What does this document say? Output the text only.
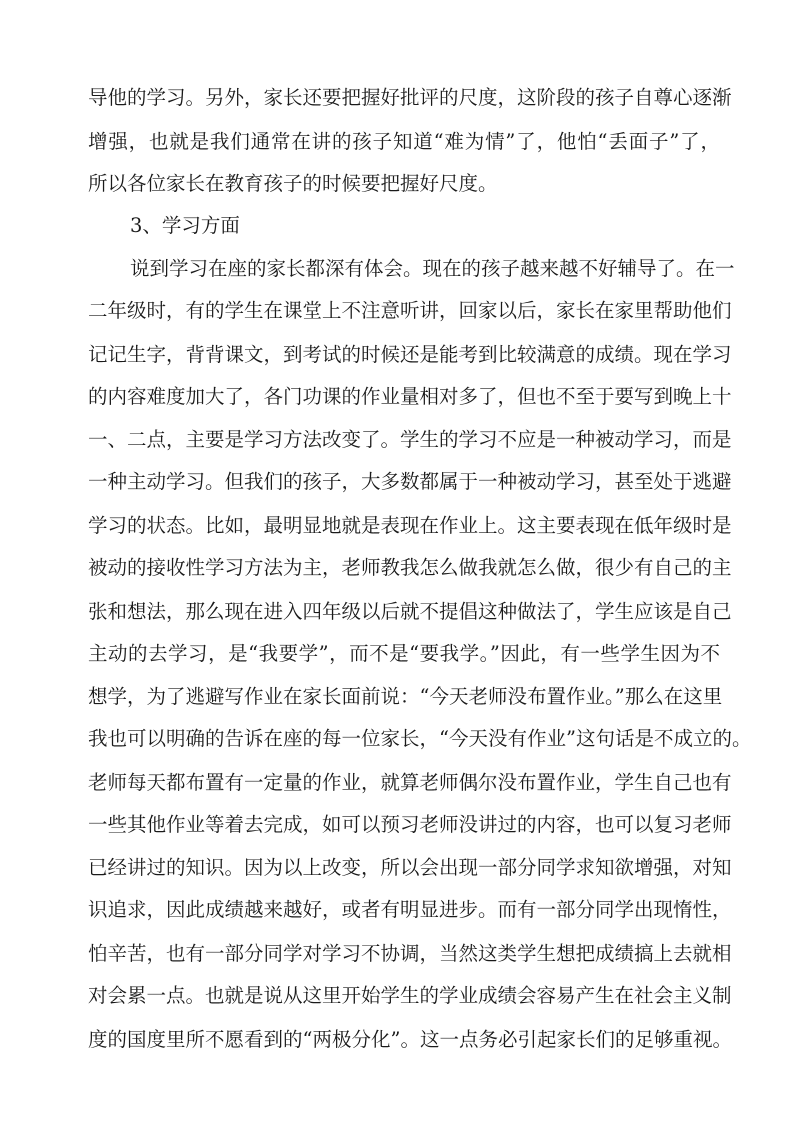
导他的学习。另外，家长还要把握好批评的尺度，这阶段的孩子自尊心逐渐
增强，也就是我们通常在讲的孩子知道“难为情”了，他怕“丢面子”了，
所以各位家长在教育孩子的时候要把握好尺度。
3、学习方面
说到学习在座的家长都深有体会。现在的孩子越来越不好辅导了。在一
二年级时，有的学生在课堂上不注意听讲，回家以后，家长在家里帮助他们
记记生字，背背课文，到考试的时候还是能考到比较满意的成绩。现在学习
的内容难度加大了，各门功课的作业量相对多了，但也不至于要写到晚上十
一、二点，主要是学习方法改变了。学生的学习不应是一种被动学习，而是
一种主动学习。但我们的孩子，大多数都属于一种被动学习，甚至处于逃避
学习的状态。比如，最明显地就是表现在作业上。这主要表现在低年级时是
被动的接收性学习方法为主，老师教我怎么做我就怎么做，很少有自己的主
张和想法，那么现在进入四年级以后就不提倡这种做法了，学生应该是自己
主动的去学习，是“我要学”，而不是“要我学。”因此，有一些学生因为不
想学，为了逃避写作业在家长面前说：“今天老师没布置作业。”那么在这里
我也可以明确的告诉在座的每一位家长，“今天没有作业”这句话是不成立的。
老师每天都布置有一定量的作业，就算老师偶尔没布置作业，学生自己也有
一些其他作业等着去完成，如可以预习老师没讲过的内容，也可以复习老师
已经讲过的知识。因为以上改变，所以会出现一部分同学求知欲增强，对知
识追求，因此成绩越来越好，或者有明显进步。而有一部分同学出现惰性，
怕辛苦，也有一部分同学对学习不协调，当然这类学生想把成绩搞上去就相
对会累一点。也就是说从这里开始学生的学业成绩会容易产生在社会主义制
度的国度里所不愿看到的“两极分化”。这一点务必引起家长们的足够重视。
